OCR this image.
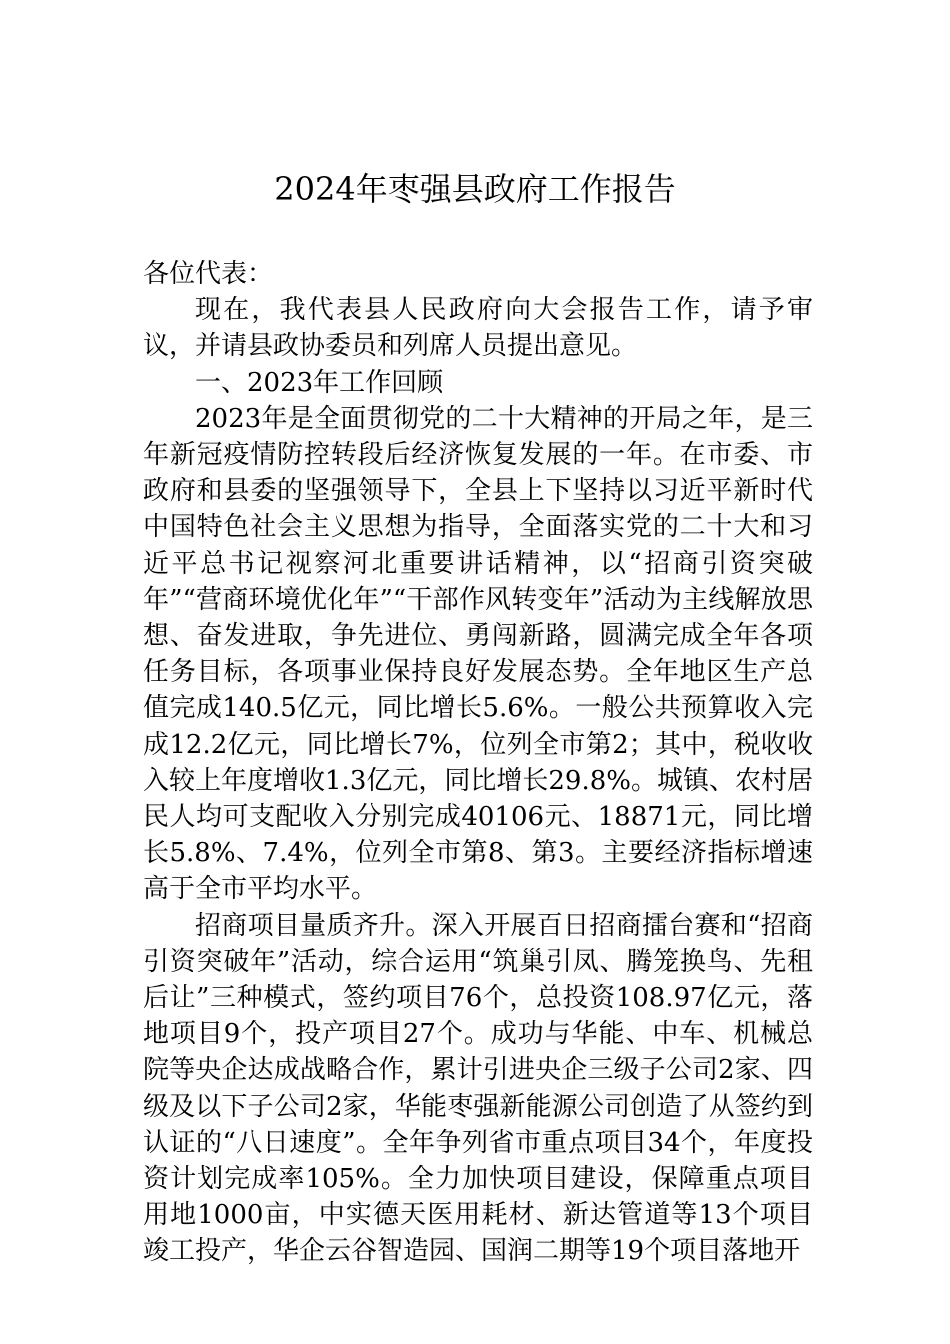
2024年枣强县政府工作报告

各位代表：

现在，我代表县人民政府向大会报告工作，请予审议，并请县政协委员和列席人员提出意见。

一、2023年工作回顾

2023年是全面贯彻党的二十大精神的开局之年，是三年新冠疫情防控转段后经济恢复发展的一年。在市委、市政府和县委的坚强领导下，全县上下坚持以习近平新时代中国特色社会主义思想为指导，全面落实党的二十大和习近平总书记视察河北重要讲话精神，以“招商引资突破年”“营商环境优化年”“干部作风转变年”活动为主线解放思想、奋发进取，争先进位、勇闯新路，圆满完成全年各项任务目标，各项事业保持良好发展态势。全年地区生产总值完成140.5亿元，同比增长5.6%。一般公共预算收入完成12.2亿元，同比增长7%，位列全市第2；其中，税收收入较上年度增收1.3亿元，同比增长29.8%。城镇、农村居民人均可支配收入分别完成40106元、18871元，同比增长5.8%、7.4%，位列全市第8、第3。主要经济指标增速高于全市平均水平。

招商项目量质齐升。深入开展百日招商擂台赛和“招商引资突破年”活动，综合运用“筑巢引凤、腾笼换鸟、先租后让”三种模式，签约项目76个，总投资108.97亿元，落地项目9个，投产项目27个。成功与华能、中车、机械总院等央企达成战略合作，累计引进央企三级子公司2家、四级及以下子公司2家，华能枣强新能源公司创造了从签约到认证的“八日速度”。全年争列省市重点项目34个，年度投资计划完成率105%。全力加快项目建设，保障重点项目用地1000亩，中实德天医用耗材、新达管道等13个项目竣工投产，华企云谷智造园、国润二期等19个项目落地开
